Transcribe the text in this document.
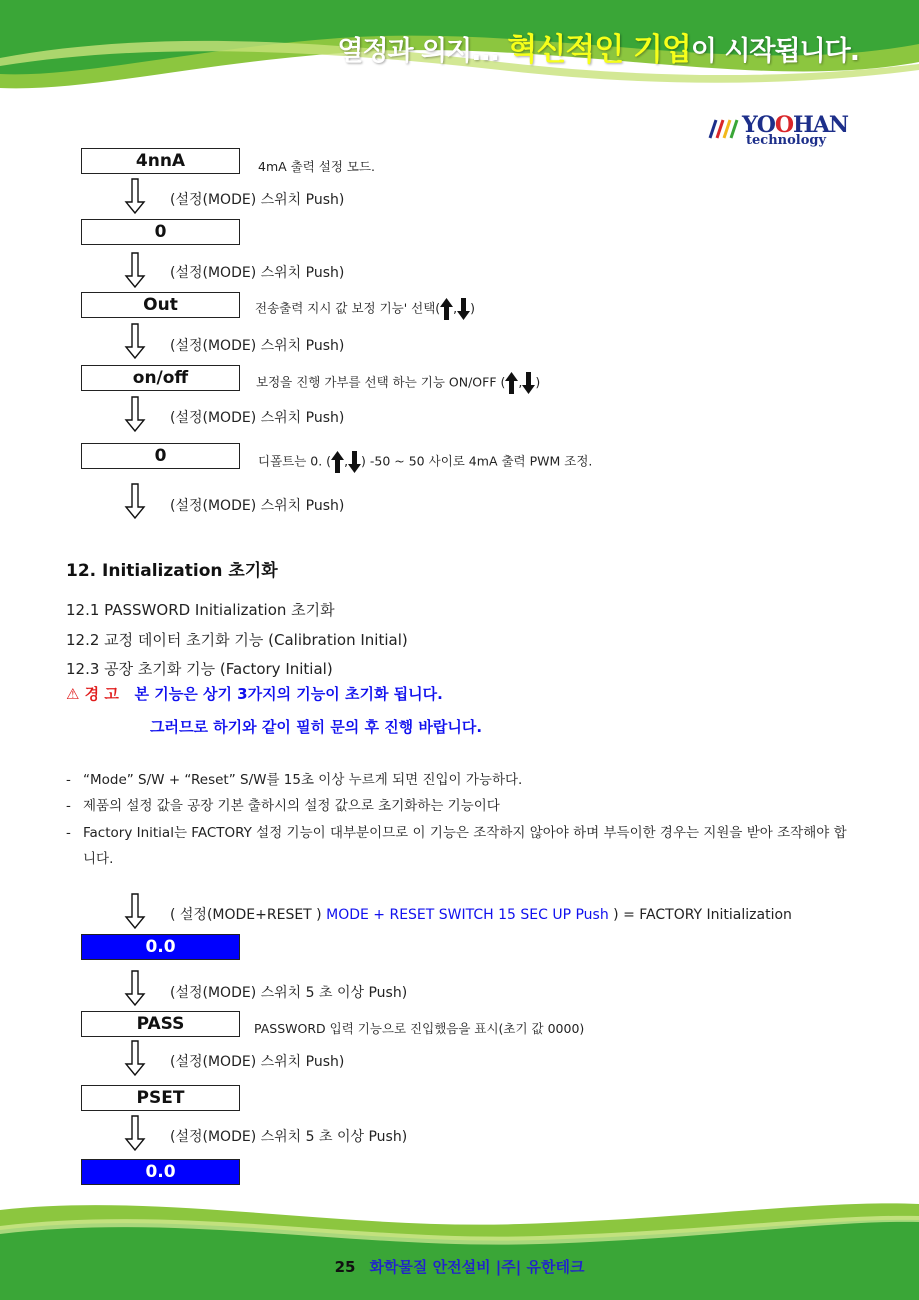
열정과 의지... 혁신적인 기업이 시작됩니다.
YOOHAN
technology
4nnA	4mA 출력 설정 모드.
(설정(MODE) 스위치 Push)
0
(설정(MODE) 스위치 Push)
Out	전송출력 지시 값 보정 기능' 선택( , )
(설정(MODE) 스위치 Push)
on/off	보정을 진행 가부를 선택 하는 기능 ON/OFF ( , )
(설정(MODE) 스위치 Push)
0	디폴트는 0. ( , ) -50 ~ 50 사이로 4mA 출력 PWM 조정.
(설정(MODE) 스위치 Push)
12. Initialization 초기화
12.1 PASSWORD Initialization 초기화
12.2 교정 데이터 초기화 기능 (Calibration Initial)
12.3 공장 초기화 기능 (Factory Initial)
⚠ 경 고 본 기능은 상기 3가지의 기능이 초기화 됩니다.
그러므로 하기와 같이 필히 문의 후 진행 바랍니다.
- “Mode” S/W + “Reset” S/W를 15초 이상 누르게 되면 진입이 가능하다.
- 제품의 설정 값을 공장 기본 출하시의 설정 값으로 초기화하는 기능이다
- Factory Initial는 FACTORY 설정 기능이 대부분이므로 이 기능은 조작하지 않아야 하며 부득이한 경우는 지원을 받아 조작해야 합니다.
( 설정(MODE+RESET ) MODE + RESET SWITCH 15 SEC UP Push ) = FACTORY Initialization
0.0
(설정(MODE) 스위치 5 초 이상 Push)
PASS	PASSWORD 입력 기능으로 진입했음을 표시(초기 값 0000)
(설정(MODE) 스위치 Push)
PSET
(설정(MODE) 스위치 5 초 이상 Push)
0.0
25 화학물질 안전설비 |주| 유한테크
